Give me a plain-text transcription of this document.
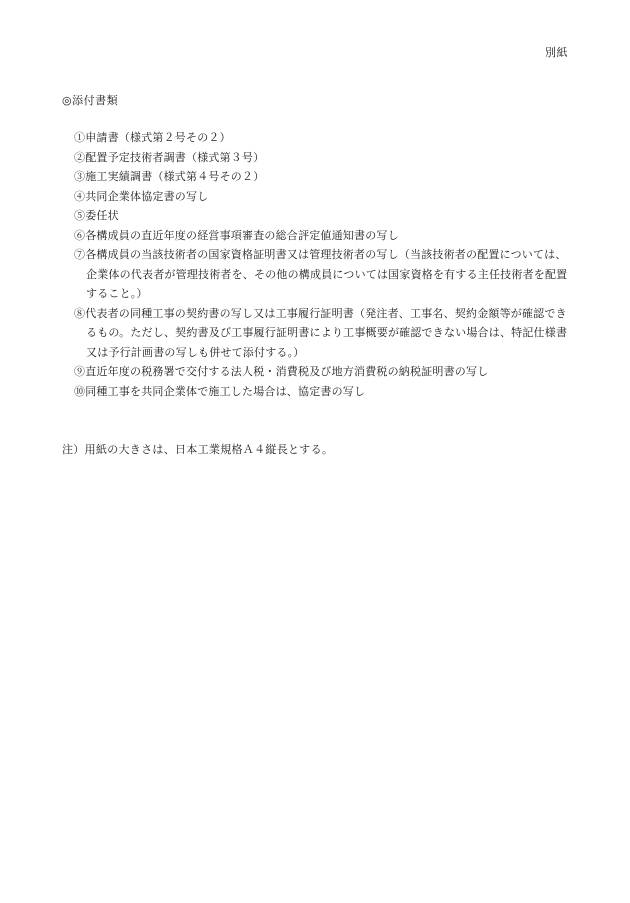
別紙
◎添付書類
①申請書（様式第２号その２）
②配置予定技術者調書（様式第３号）
③施工実績調書（様式第４号その２）
④共同企業体協定書の写し
⑤委任状
⑥各構成員の直近年度の経営事項審査の総合評定値通知書の写し
⑦各構成員の当該技術者の国家資格証明書又は管理技術者の写し（当該技術者の配置については、企業体の代表者が管理技術者を、その他の構成員については国家資格を有する主任技術者を配置すること。）
⑧代表者の同種工事の契約書の写し又は工事履行証明書（発注者、工事名、契約金額等が確認できるもの。ただし、契約書及び工事履行証明書により工事概要が確認できない場合は、特記仕様書又は予行計画書の写しも併せて添付する。）
⑨直近年度の税務署で交付する法人税・消費税及び地方消費税の納税証明書の写し
⑩同種工事を共同企業体で施工した場合は、協定書の写し
注）用紙の大きさは、日本工業規格Ａ４縦長とする。
